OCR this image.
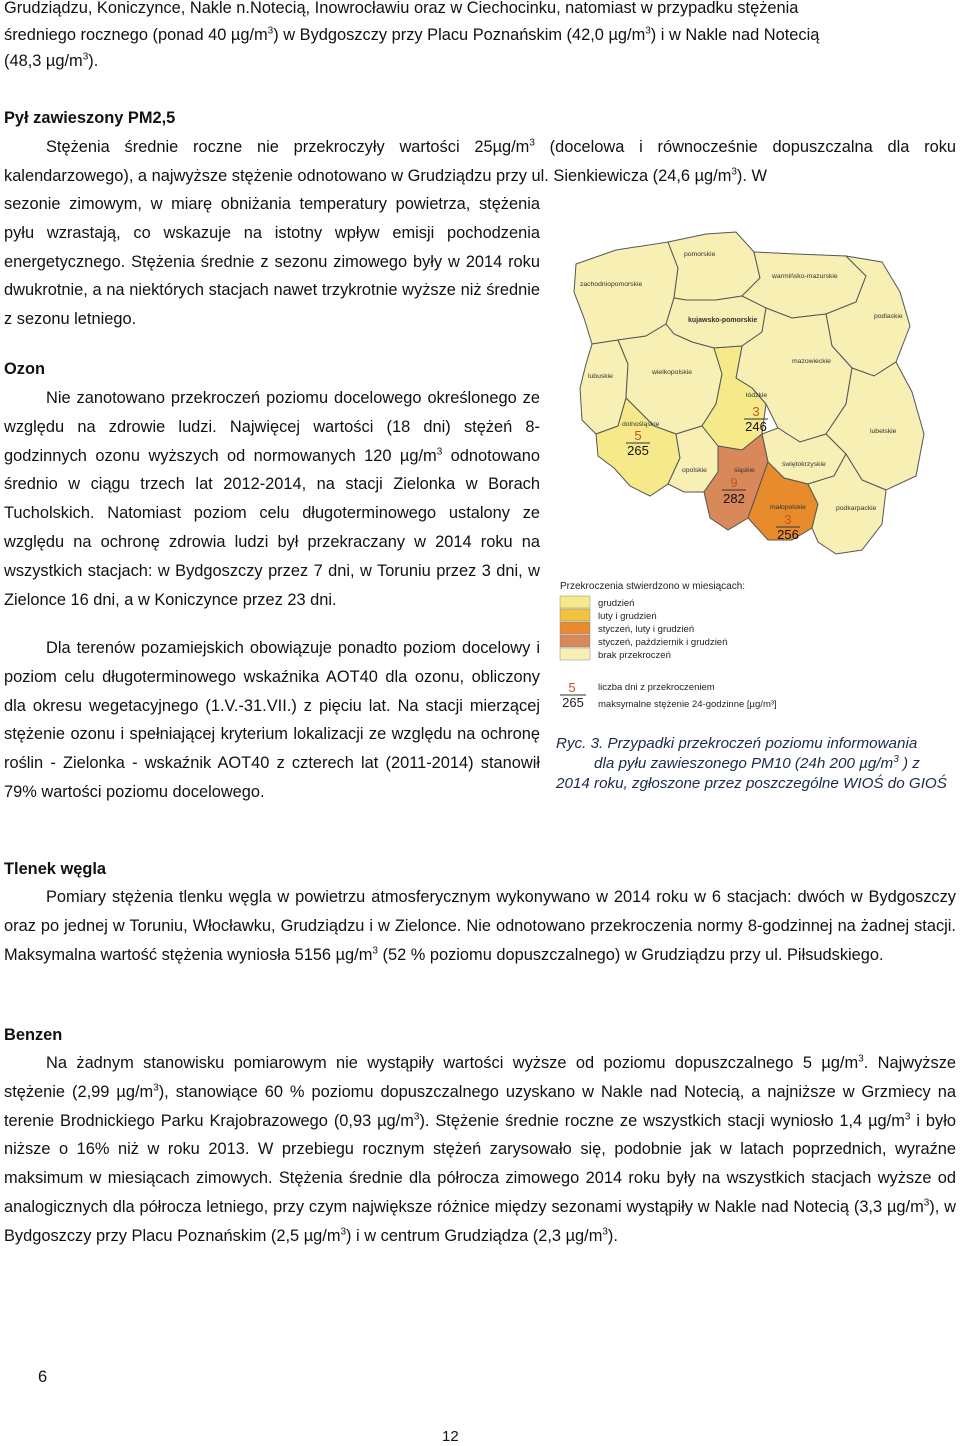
Grudziądzu, Koniczynce, Nakle n.Notecią, Inowrocławiu oraz w Ciechocinku, natomiast w przypadku stężenia

średniego rocznego (ponad 40 $\mu g/m^3$) w Bydgoszczy przy Placu Poznańskim (42,0 $\mu g/m^3$) i w Nakle nad Notecią

(48,3 $\mu g/m^3$).

Pył zawieszony PM2,5

Stężenia średnie roczne nie przekroczyły wartości $25\mu g/m^3$ (docelowa i równocześnie dopuszczalna dla roku kalendarzowego), a najwyższe stężenie odnotowano w Grudziądzu przy ul. Sienkiewicza (24,6 $\mu g/m^3$). W

sezonie zimowym, w miarę obniżania temperatury powietrza, stężenia pyłu wzrastają, co wskazuje na istotny wpływ emisji pochodzenia energetycznego. Stężenia średnie z sezonu zimowego były w 2014 roku dwukrotnie, a na niektórych stacjach nawet trzykrotnie wyższe niż średnie z sezonu letniego.

Ozon

Nie zanotowano przekroczeń poziomu docelowego określonego ze względu na zdrowie ludzi. Najwięcej wartości (18 dni) stężeń 8-godzinnych ozonu wyższych od normowanych 120 $\mu g/m^3$ odnotowano średnio w ciągu trzech lat 2012-2014, na stacji Zielonka w Borach Tucholskich. Natomiast poziom celu długoterminowego ustalony ze względu na ochronę zdrowia ludzi był przekraczany w 2014 roku na wszystkich stacjach: w Bydgoszczy przez 7 dni, w Toruniu przez 3 dni, w Zielonce 16 dni, a w Koniczynce przez 23 dni.

Dla terenów pozamiejskich obowiązuje ponadto poziom docelowy i poziom celu długoterminowego wskaźnika AOT40 dla ozonu, obliczony dla okresu wegetacyjnego (1.V.-31.VII.) z pięciu lat. Na stacji mierzącej stężenie ozonu i spełniającej kryterium lokalizacji ze względu na ochronę roślin - Zielonka - wskaźnik AOT40 z czterech lat (2011-2014) stanowił 79% wartości poziomu docelowego.

zachodniopomorskie
pomorskie
warmińsko-mazurskie
kujawsko-pomorskie
podlaskie
lubuskie
wielkopolskie
mazowieckie
łódzkie
lubelskie
dolnośląskie
opolskie
świętokrzyskie
śląskie
małopolskie	podkarpackie
3
246
5
265
9
282
3
256
Przekroczenia stwierdzono w miesiącach:
grudzień
luty i grudzień
styczeń, luty i grudzień
styczeń, październik i grudzień
brak przekroczeń
5
265
liczba dni z przekroczeniem
maksymalne stężenie 24-godzinne [µg/m³]

Ryc. 3. Przypadki przekroczeń poziomu informowania
dla pyłu zawieszonego PM10 (24h 200 $\mu g/m^3$ ) z
2014 roku, zgłoszone przez poszczególne WIOŚ do GIOŚ

Tlenek węgla

Pomiary stężenia tlenku węgla w powietrzu atmosferycznym wykonywano w 2014 roku w 6 stacjach: dwóch w Bydgoszczy oraz po jednej w Toruniu, Włocławku, Grudziądzu i w Zielonce. Nie odnotowano przekroczenia normy 8-godzinnej na żadnej stacji. Maksymalna wartość stężenia wyniosła 5156 $\mu g/m^3$ (52 % poziomu dopuszczalnego) w Grudziądzu przy ul. Piłsudskiego.

Benzen

Na żadnym stanowisku pomiarowym nie wystąpiły wartości wyższe od poziomu dopuszczalnego 5 $\mu g/m^3$. Najwyższe stężenie (2,99 $\mu g/m^3$), stanowiące 60 % poziomu dopuszczalnego uzyskano w Nakle nad Notecią, a najniższe w Grzmiecy na terenie Brodnickiego Parku Krajobrazowego (0,93 $\mu g/m^3$). Stężenie średnie roczne ze wszystkich stacji wyniosło 1,4 $\mu g/m^3$ i było niższe o 16% niż w roku 2013. W przebiegu rocznym stężeń zarysowało się, podobnie jak w latach poprzednich, wyraźne maksimum w miesiącach zimowych. Stężenia średnie dla półrocza zimowego 2014 roku były na wszystkich stacjach wyższe od analogicznych dla półrocza letniego, przy czym największe różnice między sezonami wystąpiły w Nakle nad Notecią (3,3 $\mu g/m^3$), w Bydgoszczy przy Placu Poznańskim (2,5 $\mu g/m^3$) i w centrum Grudziądza (2,3 $\mu g/m^3$).

6
12
